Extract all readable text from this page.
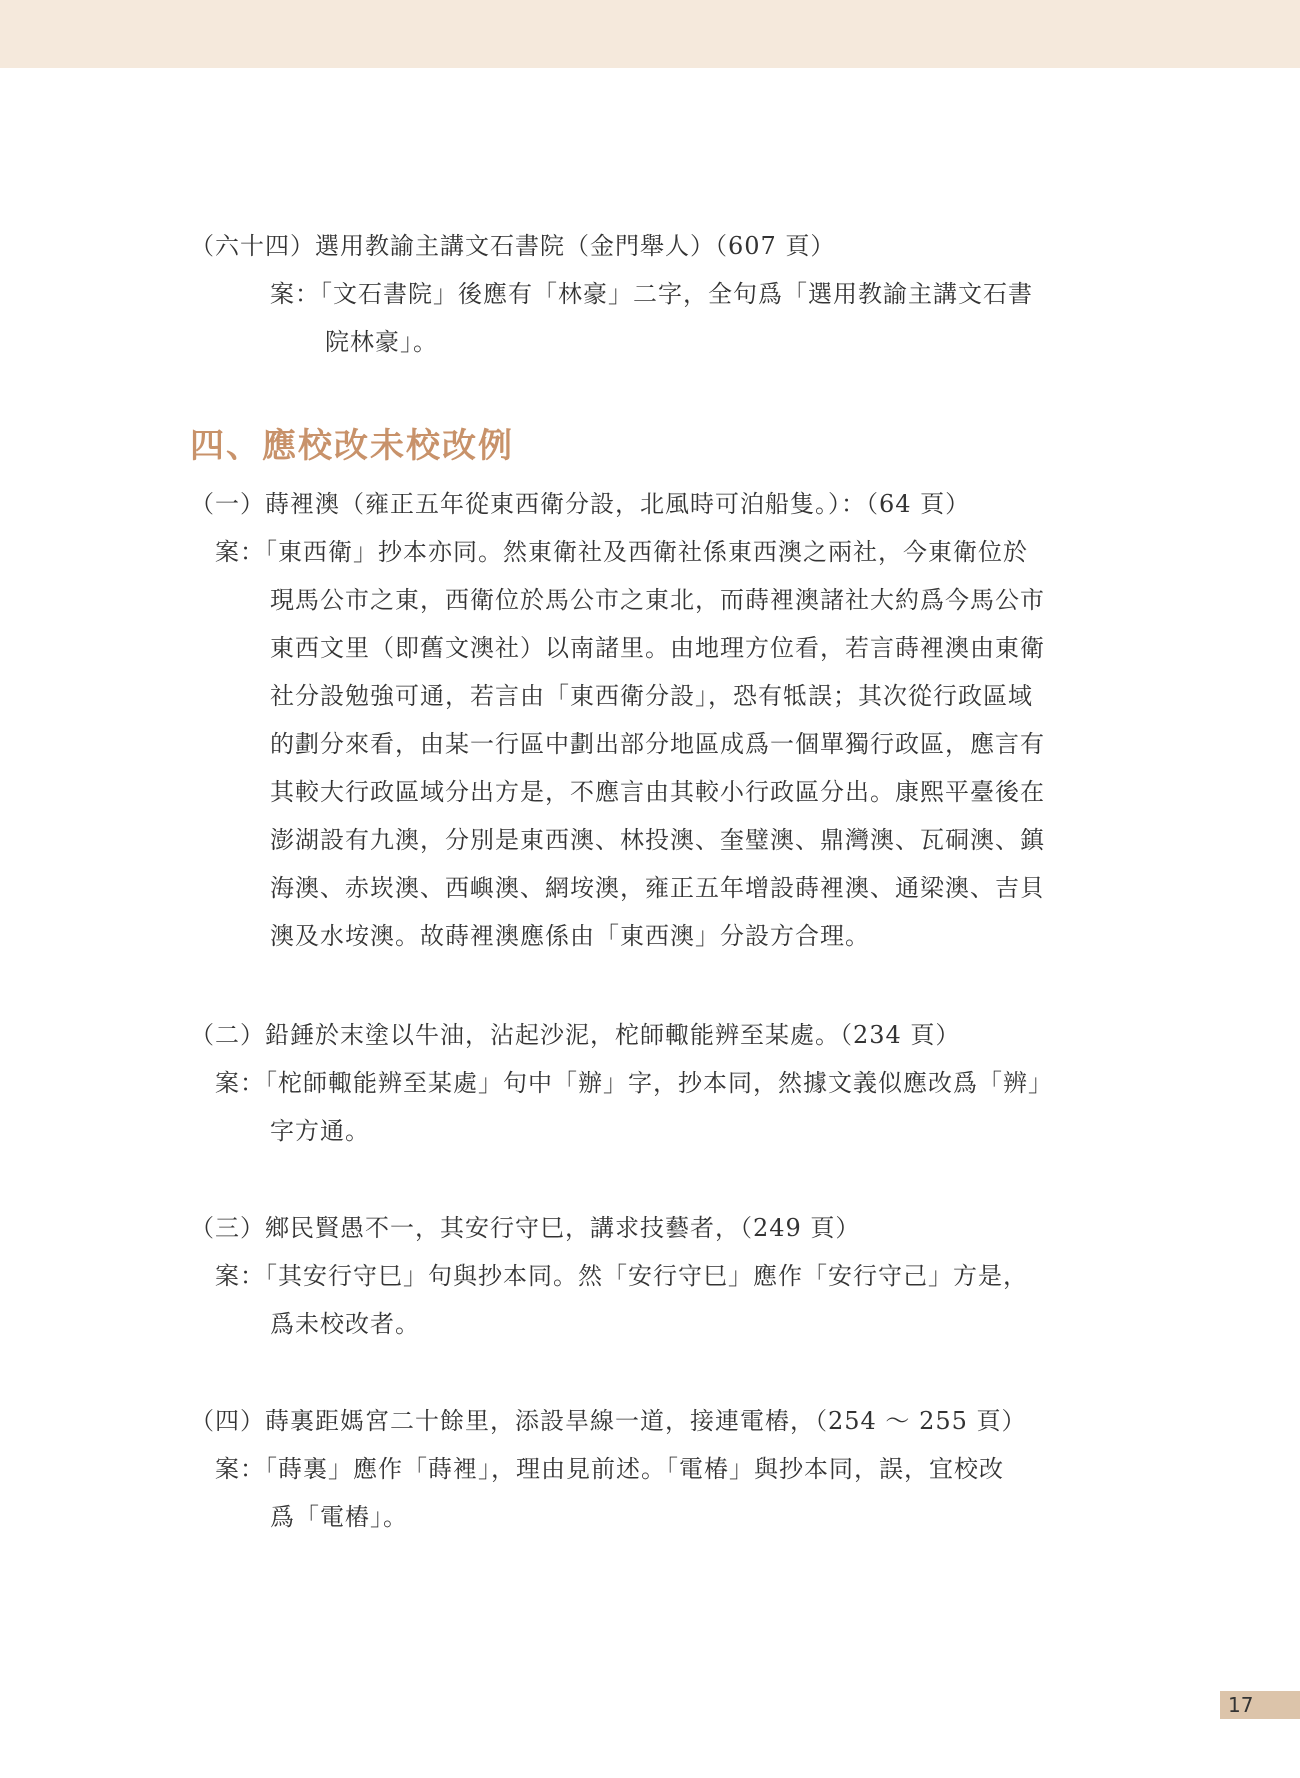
（六十四）選用教諭主講文石書院（金門舉人）（607 頁）
案：「文石書院」後應有「林豪」二字，全句爲「選用教諭主講文石書
院林豪」。
四、應校改未校改例
（一）蒔裡澳（雍正五年從東西衛分設，北風時可泊船隻。）：（64 頁）
案：「東西衛」抄本亦同。然東衛社及西衛社係東西澳之兩社，今東衛位於
現馬公市之東，西衛位於馬公市之東北，而蒔裡澳諸社大約爲今馬公市
東西文里（即舊文澳社）以南諸里。由地理方位看，若言蒔裡澳由東衛
社分設勉強可通，若言由「東西衛分設」，恐有牴誤；其次從行政區域
的劃分來看，由某一行區中劃出部分地區成爲一個單獨行政區，應言有
其較大行政區域分出方是，不應言由其較小行政區分出。康熙平臺後在
澎湖設有九澳，分別是東西澳、林投澳、奎璧澳、鼎灣澳、瓦硐澳、鎮
海澳、赤崁澳、西嶼澳、網垵澳，雍正五年增設蒔裡澳、通梁澳、吉貝
澳及水垵澳。故蒔裡澳應係由「東西澳」分設方合理。
（二）鉛錘於末塗以牛油，沾起沙泥，柁師輙能辨至某處。（234 頁）
案：「柁師輙能辨至某處」句中「辦」字，抄本同，然據文義似應改爲「辨」
字方通。
（三）鄉民賢愚不一，其安行守巳，講求技藝者，（249 頁）
案：「其安行守巳」句與抄本同。然「安行守巳」應作「安行守己」方是，
爲未校改者。
（四）蒔裏距媽宮二十餘里，添設旱線一道，接連電樁，（254 ～ 255 頁）
案：「蒔裏」應作「蒔裡」，理由見前述。「電椿」與抄本同，誤，宜校改
爲「電樁」。
17
